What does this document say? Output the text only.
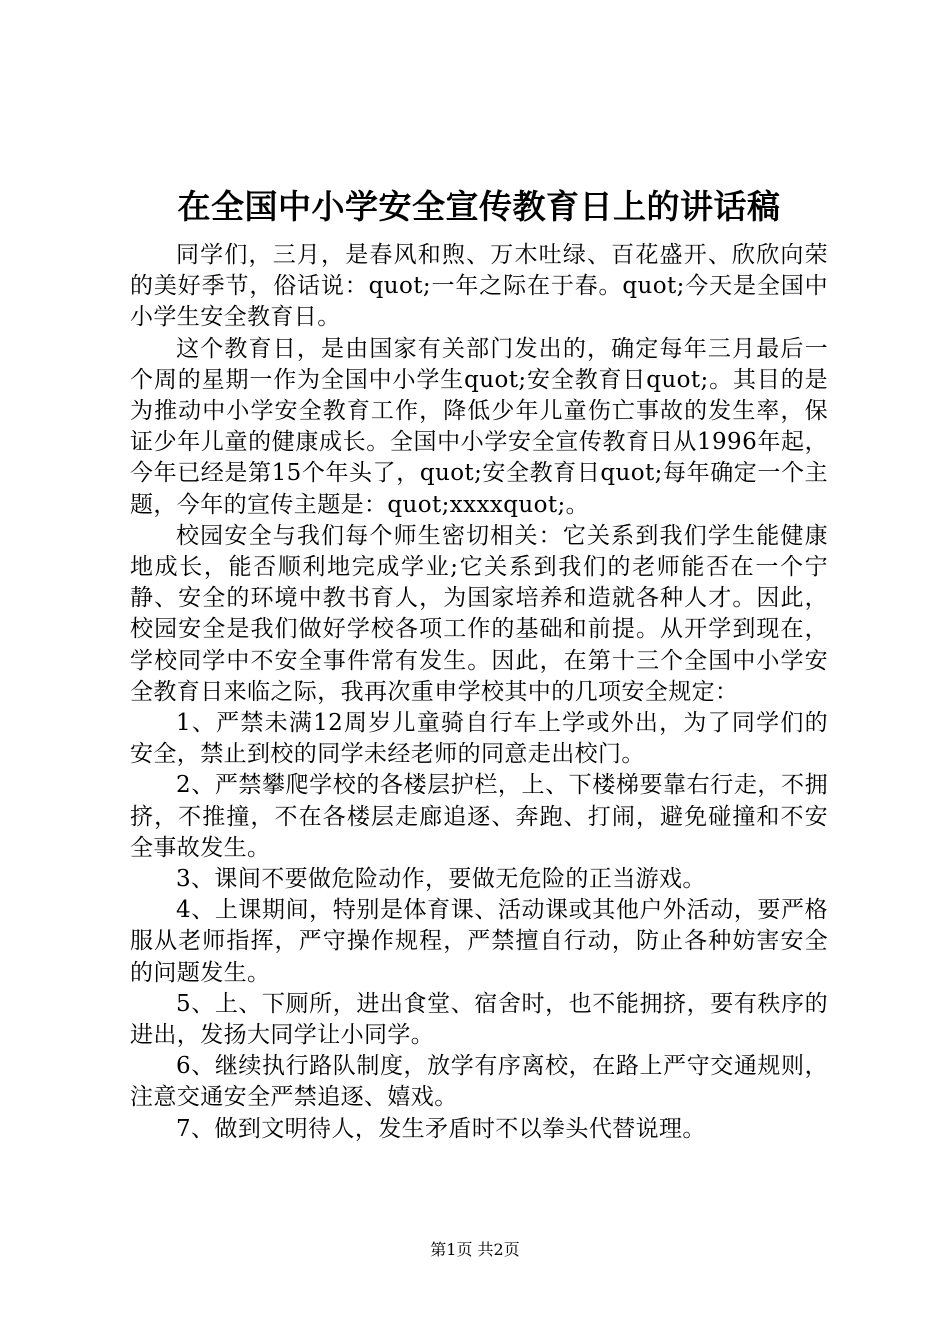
在全国中小学安全宣传教育日上的讲话稿

同学们，三月，是春风和煦、万木吐绿、百花盛开、欣欣向荣的美好季节，俗话说：quot;一年之际在于春。quot;今天是全国中小学生安全教育日。

这个教育日，是由国家有关部门发出的，确定每年三月最后一个周的星期一作为全国中小学生quot;安全教育日quot;。其目的是为推动中小学安全教育工作，降低少年儿童伤亡事故的发生率，保证少年儿童的健康成长。全国中小学安全宣传教育日从1996年起，今年已经是第15个年头了，quot;安全教育日quot;每年确定一个主题，今年的宣传主题是：quot;xxxxquot;。

校园安全与我们每个师生密切相关：它关系到我们学生能健康地成长，能否顺利地完成学业;它关系到我们的老师能否在一个宁静、安全的环境中教书育人，为国家培养和造就各种人才。因此，校园安全是我们做好学校各项工作的基础和前提。从开学到现在，学校同学中不安全事件常有发生。因此，在第十三个全国中小学安全教育日来临之际，我再次重申学校其中的几项安全规定：

1、严禁未满12周岁儿童骑自行车上学或外出，为了同学们的安全，禁止到校的同学未经老师的同意走出校门。

2、严禁攀爬学校的各楼层护栏，上、下楼梯要靠右行走，不拥挤，不推撞，不在各楼层走廊追逐、奔跑、打闹，避免碰撞和不安全事故发生。

3、课间不要做危险动作，要做无危险的正当游戏。

4、上课期间，特别是体育课、活动课或其他户外活动，要严格服从老师指挥，严守操作规程，严禁擅自行动，防止各种妨害安全的问题发生。

5、上、下厕所，进出食堂、宿舍时，也不能拥挤，要有秩序的进出，发扬大同学让小同学。

6、继续执行路队制度，放学有序离校，在路上严守交通规则，注意交通安全严禁追逐、嬉戏。

7、做到文明待人，发生矛盾时不以拳头代替说理。

第1页 共2页
